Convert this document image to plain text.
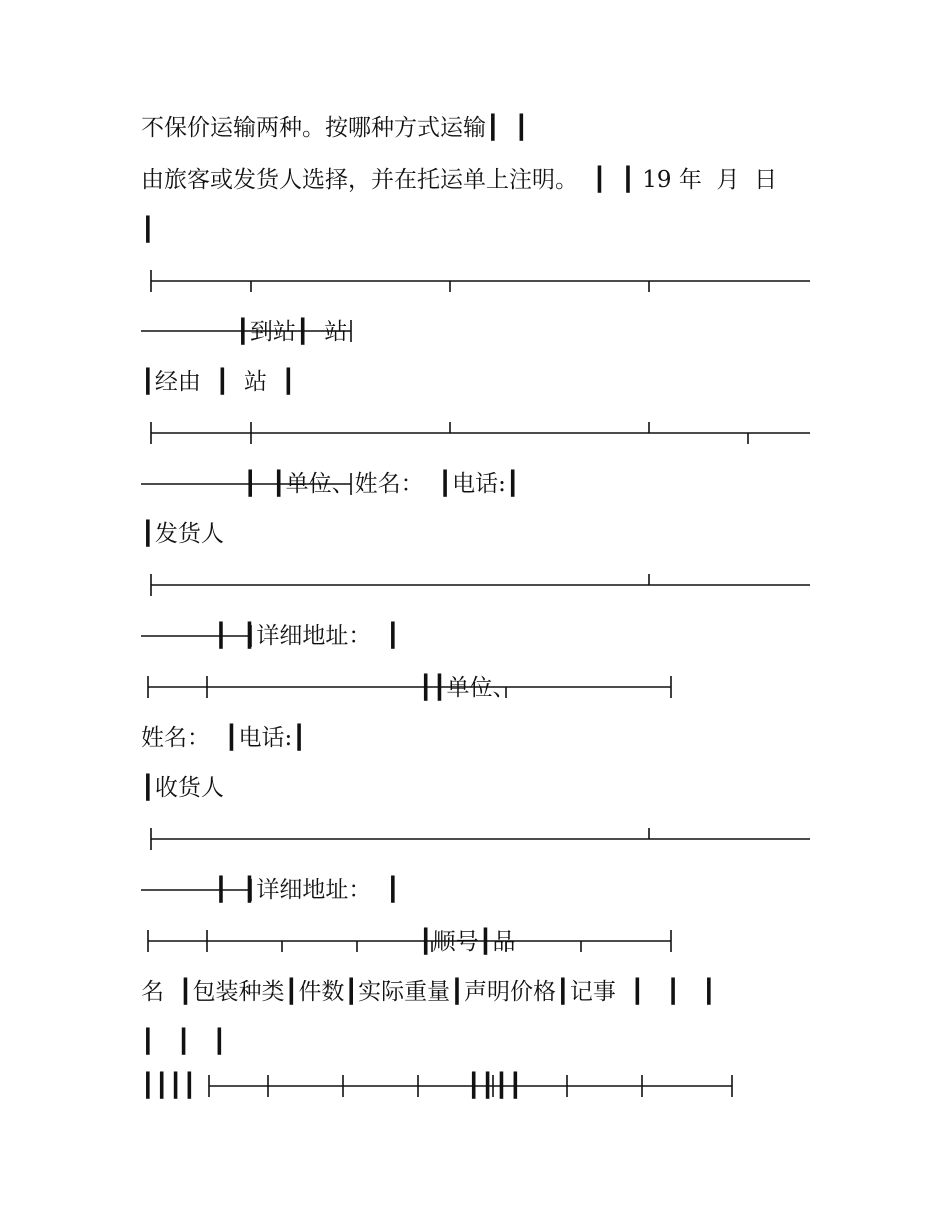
不保价运输两种。按哪种方式运输┃  ┃
由旅客或发货人选择，并在托运单上注明。  ┃  ┃ 19 年  月  日
┃
┃到站┃  站
┃经由  ┃  站  ┃
┃  ┃单位、姓名：  ┃电话:┃
┃发货人
┃  ┃详细地址：  ┃
┃┃单位、
姓名：  ┃电话:┃
┃收货人
┃  ┃详细地址：  ┃
┃顺号┃品
名  ┃包装种类┃件数┃实际重量┃声明价格┃记事  ┃   ┃   ┃
┃   ┃   ┃
┃┃┃┃                                     ┃┃┃┃
